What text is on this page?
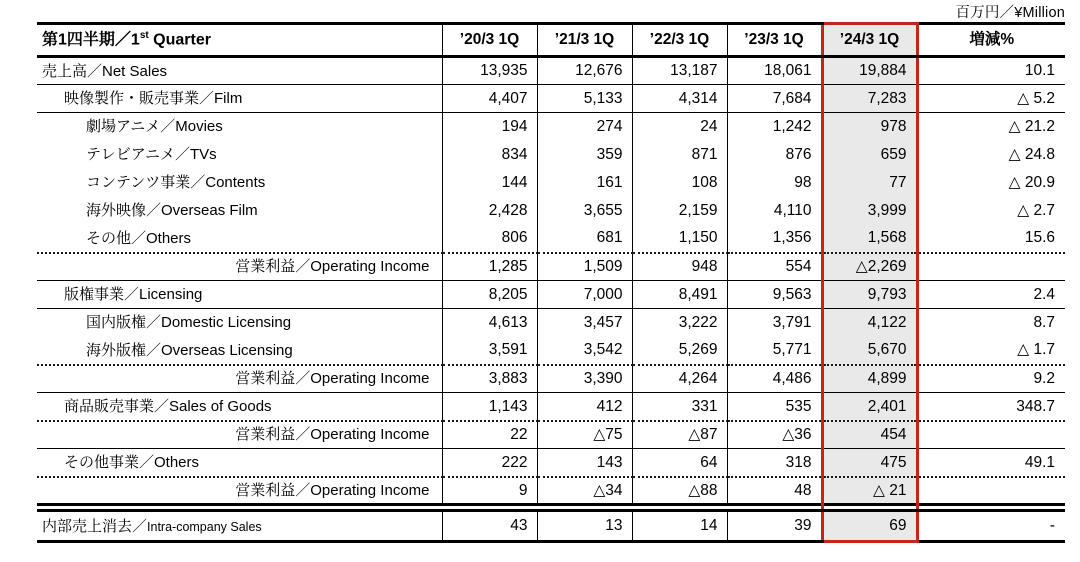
百万円／¥Million
第1四半期／1st Quarter	’20/3 1Q	’21/3 1Q	’22/3 1Q	’23/3 1Q	’24/3 1Q	増減%
売上高／Net Sales	13,935	12,676	13,187	18,061	19,884	10.1
映像製作・販売事業／Film	4,407	5,133	4,314	7,684	7,283	△ 5.2
劇場アニメ／Movies	194	274	24	1,242	978	△ 21.2
テレビアニメ／TVs	834	359	871	876	659	△ 24.8
コンテンツ事業／Contents	144	161	108	98	77	△ 20.9
海外映像／Overseas Film	2,428	3,655	2,159	4,110	3,999	△ 2.7
その他／Others	806	681	1,150	1,356	1,568	15.6
営業利益／Operating Income	1,285	1,509	948	554	△2,269	
版権事業／Licensing	8,205	7,000	8,491	9,563	9,793	2.4
国内版権／Domestic Licensing	4,613	3,457	3,222	3,791	4,122	8.7
海外版権／Overseas Licensing	3,591	3,542	5,269	5,771	5,670	△ 1.7
営業利益／Operating Income	3,883	3,390	4,264	4,486	4,899	9.2
商品販売事業／Sales of Goods	1,143	412	331	535	2,401	348.7
営業利益／Operating Income	22	△75	△87	△36	454	
その他事業／Others	222	143	64	318	475	49.1
営業利益／Operating Income	9	△34	△88	48	△ 21	

内部売上消去／Intra-company Sales	43	13	14	39	69	-
